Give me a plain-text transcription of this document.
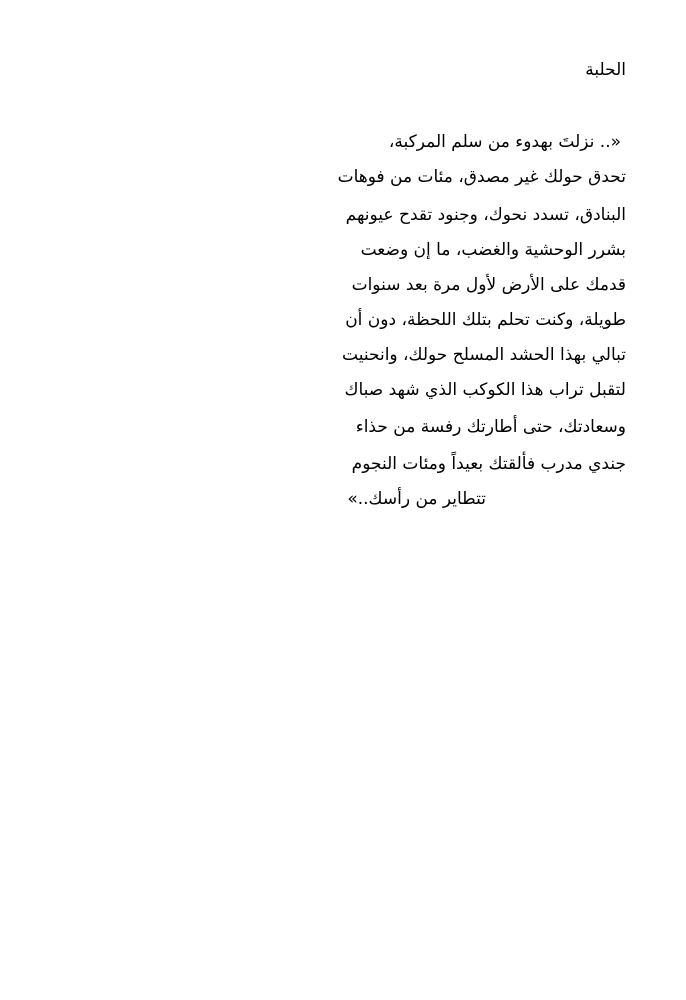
الحلبة
«.. نزلتَ بهدوء من سلم المركبة،
تحدق حولك غير مصدق، مئات من فوهات
البنادق، تسدد نحوك، وجنود تقدح عيونهم
بشرر الوحشية والغضب، ما إن وضعت
قدمك على الأرض لأول مرة بعد سنوات
طويلة، وكنت تحلم بتلك اللحظة، دون أن
تبالي بهذا الحشد المسلح حولك، وانحنيت
لتقبل تراب هذا الكوكب الذي شهد صباك
وسعادتك، حتى أطارتك رفسة من حذاء
جندي مدرب فألقتك بعيداً ومئات النجوم
تتطاير من رأسك..»
